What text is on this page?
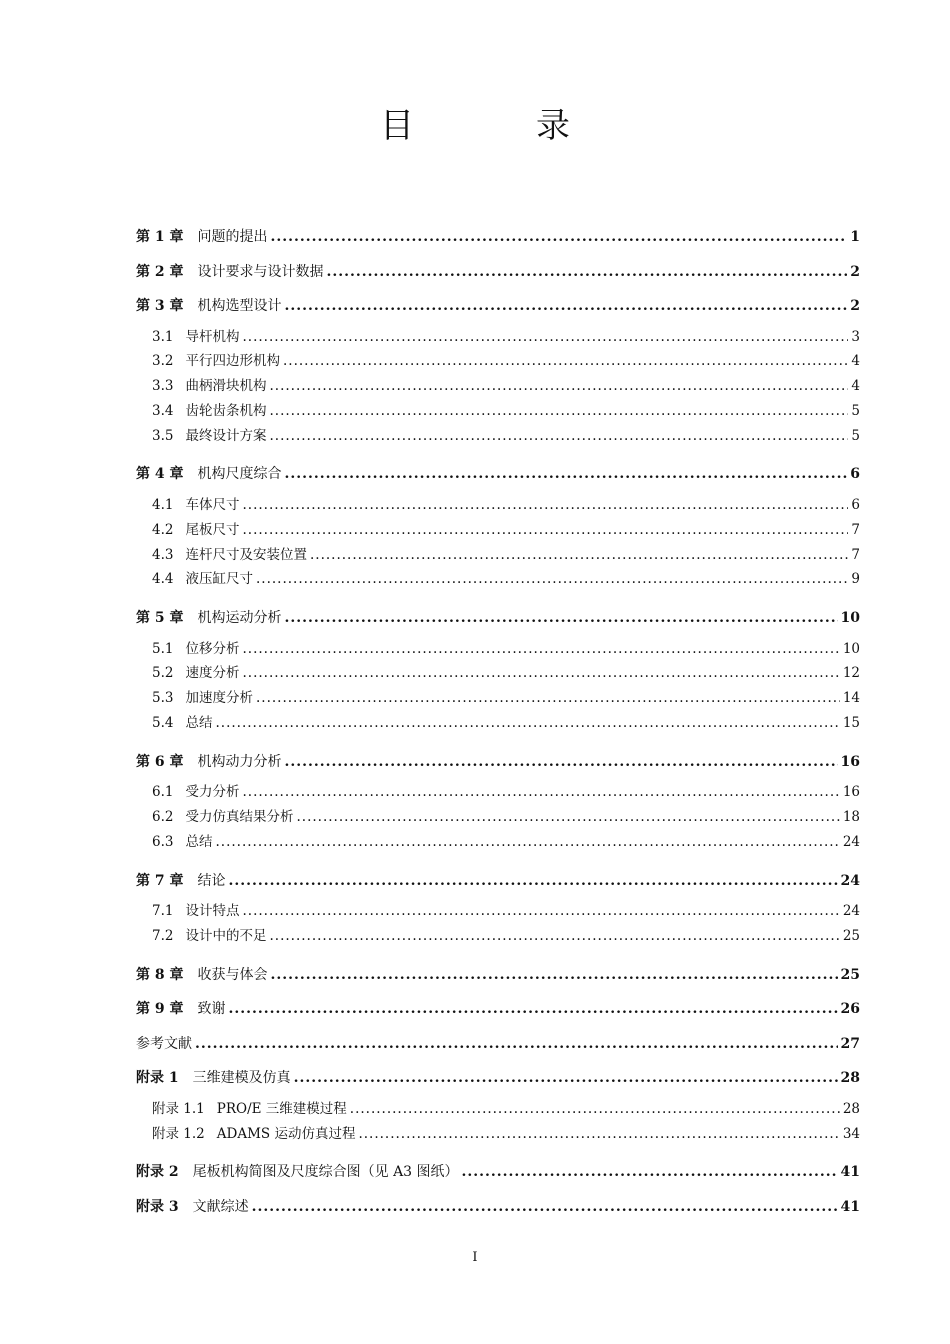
目　录
第 1 章 问题的提出 .....	1
第 2 章 设计要求与设计数据 .....	2
第 3 章 机构选型设计 .....	2
3.1 导杆机构 .....	3
3.2 平行四边形机构 .....	4
3.3 曲柄滑块机构 .....	4
3.4 齿轮齿条机构 .....	5
3.5 最终设计方案 .....	5
第 4 章 机构尺度综合 .....	6
4.1 车体尺寸 .....	6
4.2 尾板尺寸 .....	7
4.3 连杆尺寸及安装位置 .....	7
4.4 液压缸尺寸 .....	9
第 5 章 机构运动分析 .....	10
5.1 位移分析 .....	10
5.2 速度分析 .....	12
5.3 加速度分析 .....	14
5.4 总结 .....	15
第 6 章 机构动力分析 .....	16
6.1 受力分析 .....	16
6.2 受力仿真结果分析 .....	18
6.3 总结 .....	24
第 7 章 结论 .....	24
7.1 设计特点 .....	24
7.2 设计中的不足 .....	25
第 8 章 收获与体会 .....	25
第 9 章 致谢 .....	26
参考文献 .....	27
附录 1 三维建模及仿真 .....	28
附录 1.1 PRO/E 三维建模过程 .....	28
附录 1.2 ADAMS 运动仿真过程 .....	34
附录 2 尾板机构简图及尺度综合图（见 A3 图纸） .....	41
附录 3 文献综述 .....	41
I
